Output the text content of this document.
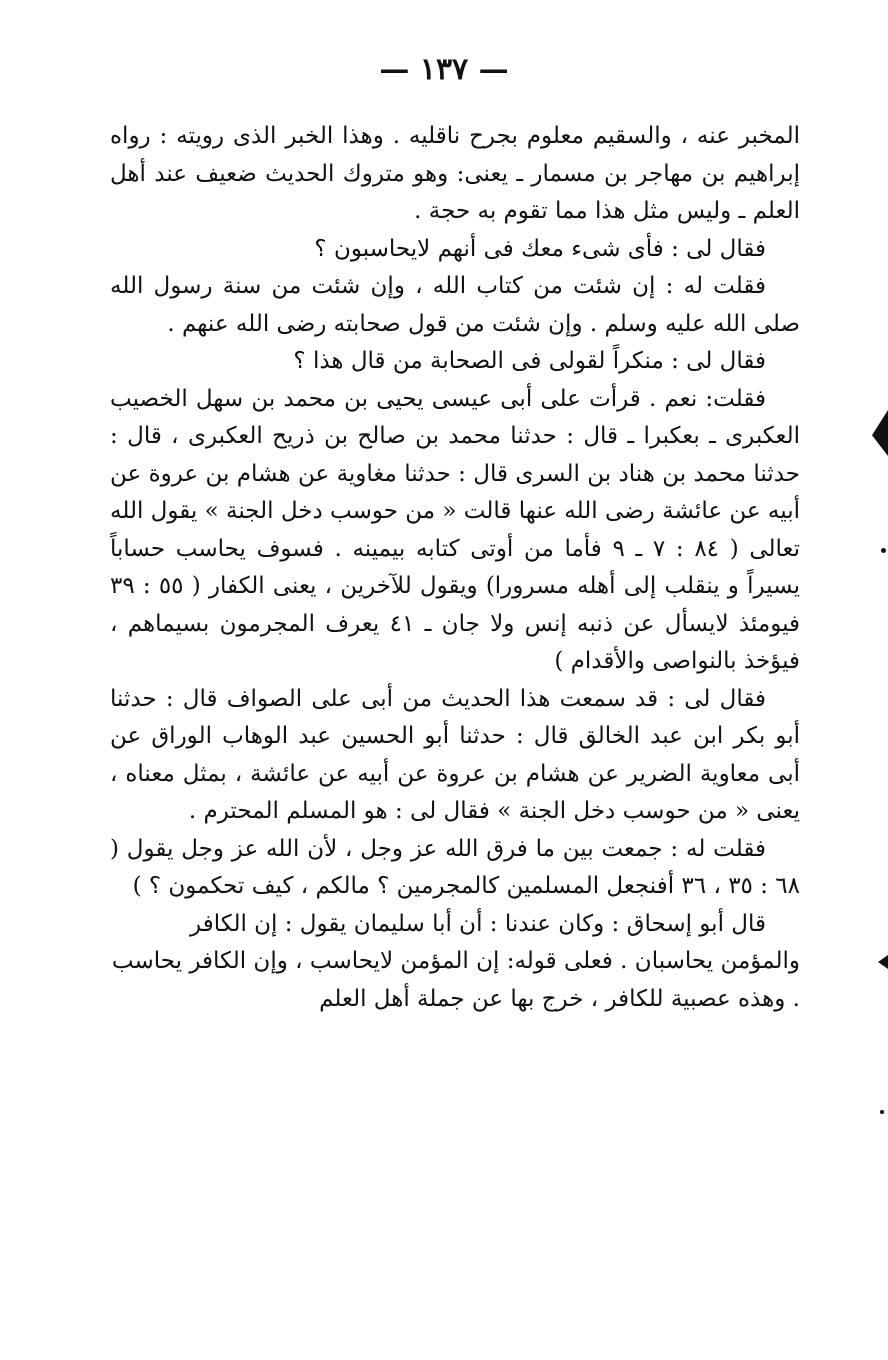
— ١٣٧ —

المخبر عنه ، والسقيم معلوم بجرح ناقليه . وهذا الخبر الذى رويته : رواه إبراهيم بن مهاجر بن مسمار ـ يعنى: وهو متروك الحديث ضعيف عند أهل العلم ـ وليس مثل هذا مما تقوم به حجة .

فقال لى : فأى شىء معك فى أنهم لايحاسبون ؟

فقلت له : إن شئت من كتاب الله ، وإن شئت من سنة رسول الله صلى الله عليه وسلم . وإن شئت من قول صحابته رضى الله عنهم .

فقال لى : منكراً لقولى فى الصحابة من قال هذا ؟

فقلت: نعم . قرأت على أبى عيسى يحيى بن محمد بن سهل الخصيب العكبرى ـ بعكبرا ـ قال : حدثنا محمد بن صالح بن ذريح العكبرى ، قال : حدثنا محمد بن هناد بن السرى قال : حدثنا مغاوية عن هشام بن عروة عن أبيه عن عائشة رضى الله عنها قالت « من حوسب دخل الجنة » يقول الله تعالى ( ٨٤ : ٧ ـ ٩ فأما من أوتى كتابه بيمينه . فسوف يحاسب حساباً يسيراً و ينقلب إلى أهله مسرورا) ويقول للآخرين ، يعنى الكفار ( ٥٥ : ٣٩ فيومئذ لايسأل عن ذنبه إنس ولا جان ـ ٤١ يعرف المجرمون بسيماهم ، فيؤخذ بالنواصى والأقدام )

فقال لى : قد سمعت هذا الحديث من أبى على الصواف قال : حدثنا أبو بكر ابن عبد الخالق قال : حدثنا أبو الحسين عبد الوهاب الوراق عن أبى معاوية الضرير عن هشام بن عروة عن أبيه عن عائشة ، بمثل معناه ، يعنى « من حوسب دخل الجنة » فقال لى : هو المسلم المحترم .

فقلت له : جمعت بين ما فرق الله عز وجل ، لأن الله عز وجل يقول ( ٦٨ : ٣٥ ، ٣٦ أفنجعل المسلمين كالمجرمين ؟ مالكم ، كيف تحكمون ؟ )

قال أبو إسحاق : وكان عندنا : أن أبا سليمان يقول : إن الكافر والمؤمن يحاسبان . فعلى قوله: إن المؤمن لايحاسب ، وإن الكافر يحاسب . وهذه عصبية للكافر ، خرج بها عن جملة أهل العلم
